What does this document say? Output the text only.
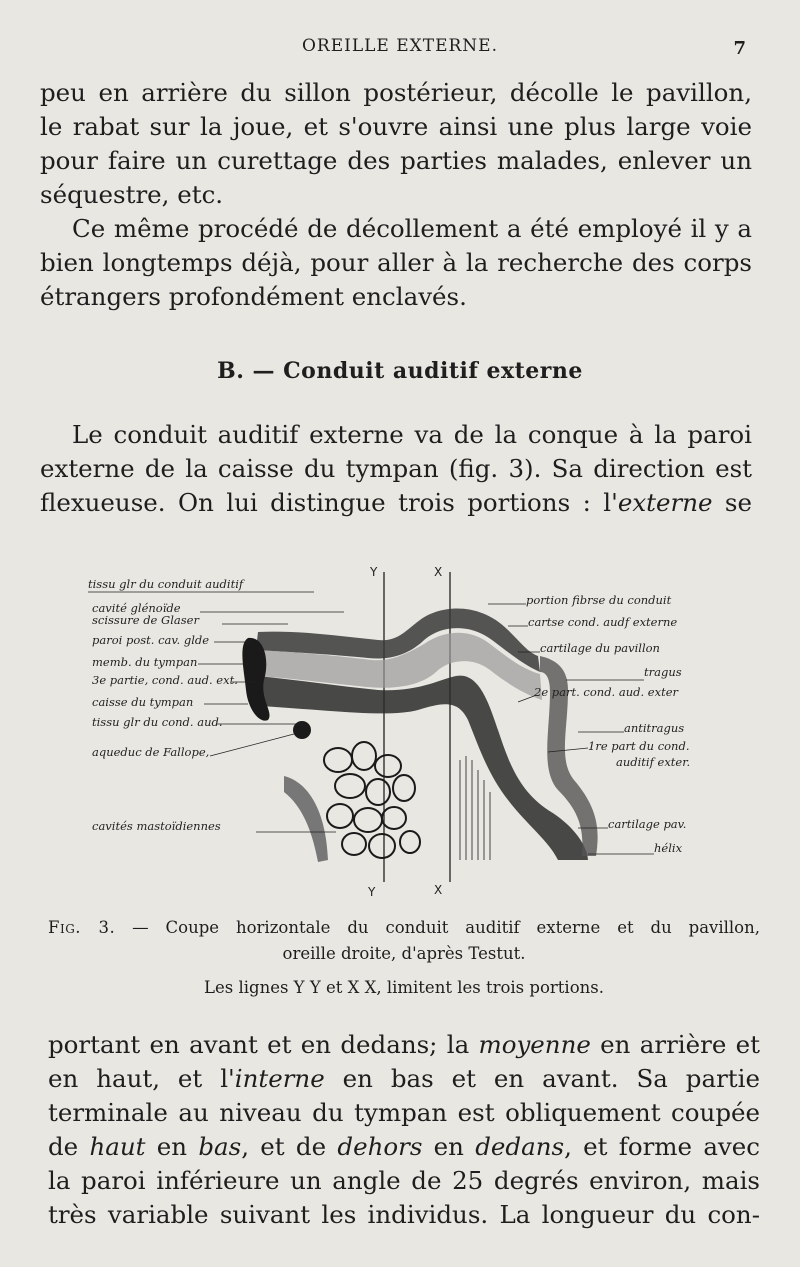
OREILLE EXTERNE.	7

peu en arrière du sillon postérieur, décolle le pavillon,
le rabat sur la joue, et s'ouvre ainsi une plus large voie
pour faire un curettage des parties malades, enlever un
séquestre, etc.

Ce même procédé de décollement a été employé il y a
bien longtemps déjà, pour aller à la recherche des corps
étrangers profondément enclavés.

B. — Conduit auditif externe

Le conduit auditif externe va de la conque à la paroi
externe de la caisse du tympan (fig. 3). Sa direction est
flexueuse. On lui distingue trois portions : l'externe se

Y	X
Y	X
tissu glr du conduit auditif
cavité glénoïde
scissure de Glaser
paroi post. cav. glde
memb. du tympan
3e partie, cond. aud. ext.
caisse du tympan
tissu glr du cond. aud.
aqueduc de Fallope,
cavités mastoïdiennes
portion fibrse du conduit
cartse cond. audf externe
cartilage du pavillon
tragus
2e part. cond. aud. exter
antitragus
1re part du cond.
auditif exter.
cartilage pav.
hélix
Fig. 3. — Coupe horizontale du conduit auditif externe et du pavillon,
oreille droite, d'après Testut.
Les lignes Y Y et X X, limitent les trois portions.

portant en avant et en dedans; la moyenne en arrière et
en haut, et l'interne en bas et en avant. Sa partie
terminale au niveau du tympan est obliquement coupée
de haut en bas, et de dehors en dedans, et forme avec
la paroi inférieure un angle de 25 degrés environ, mais
très variable suivant les individus. La longueur du con-
